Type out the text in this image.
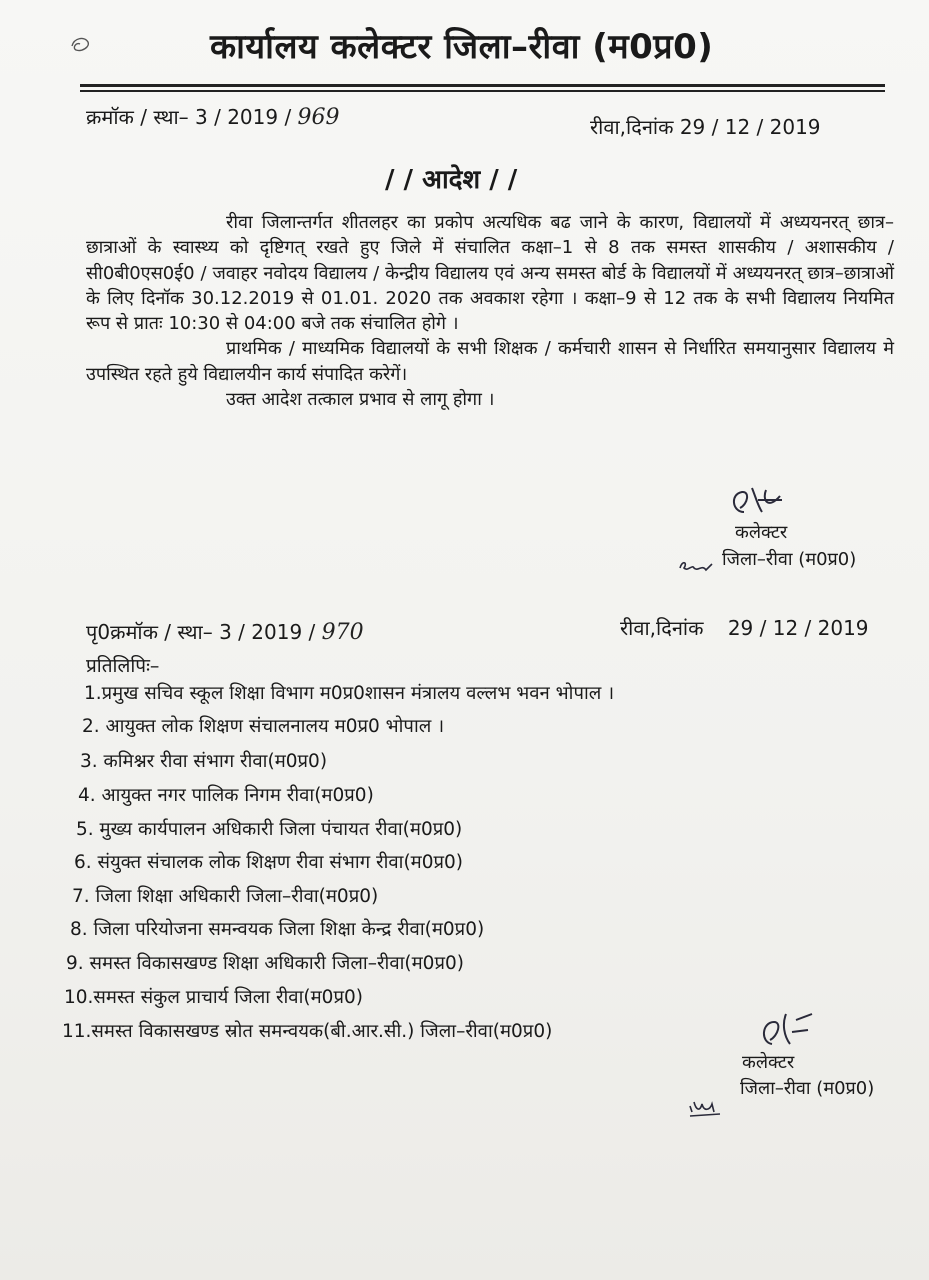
कार्यालय कलेक्टर जिला–रीवा (म0प्र0)
क्रमॉक / स्था– 3 / 2019 / 969	रीवा,दिनांक 29 / 12 / 2019
/ / आदेश / /

रीवा जिलान्तर्गत शीतलहर का प्रकोप अत्यधिक बढ जाने के कारण, विद्यालयों में अध्ययनरत् छात्र–छात्राओं के स्वास्थ्य को दृष्टिगत् रखते हुए जिले में संचालित कक्षा–1 से 8 तक समस्त शासकीय / अशासकीय / सी0बी0एस0ई0 / जवाहर नवोदय विद्यालय / केन्द्रीय विद्यालय एवं अन्य समस्त बोर्ड के विद्यालयों में अध्ययनरत् छात्र–छात्राओं के लिए दिनॉक 30.12.2019 से 01.01. 2020 तक अवकाश रहेगा । कक्षा–9 से 12 तक के सभी विद्यालय नियमित रूप से प्रातः 10:30 से 04:00 बजे तक संचालित होगे ।

प्राथमिक / माध्यमिक विद्यालयों के सभी शिक्षक / कर्मचारी शासन से निर्धारित समयानुसार विद्यालय मे उपस्थित रहते हुये विद्यालयीन कार्य संपादित करेगें।

उक्त आदेश तत्काल प्रभाव से लागू होगा ।

कलेक्टर
जिला–रीवा (म0प्र0)
पृ0क्रमॉक / स्था– 3 / 2019 / 970	रीवा,दिनांक 29 / 12 / 2019
प्रतिलिपिः–
1.प्रमुख सचिव स्कूल शिक्षा विभाग म0प्र0शासन मंत्रालय वल्लभ भवन भोपाल ।
2. आयुक्त लोक शिक्षण संचालनालय म0प्र0 भोपाल ।
3. कमिश्नर रीवा संभाग रीवा(म0प्र0)
4. आयुक्त नगर पालिक निगम रीवा(म0प्र0)
5. मुख्य कार्यपालन अधिकारी जिला पंचायत रीवा(म0प्र0)
6. संयुक्त संचालक लोक शिक्षण रीवा संभाग रीवा(म0प्र0)
7. जिला शिक्षा अधिकारी जिला–रीवा(म0प्र0)
8. जिला परियोजना समन्वयक जिला शिक्षा केन्द्र रीवा(म0प्र0)
9. समस्त विकासखण्ड शिक्षा अधिकारी जिला–रीवा(म0प्र0)
10.समस्त संकुल प्राचार्य जिला रीवा(म0प्र0)
11.समस्त विकासखण्ड स्रोत समन्वयक(बी.आर.सी.) जिला–रीवा(म0प्र0)
कलेक्टर
जिला–रीवा (म0प्र0)
